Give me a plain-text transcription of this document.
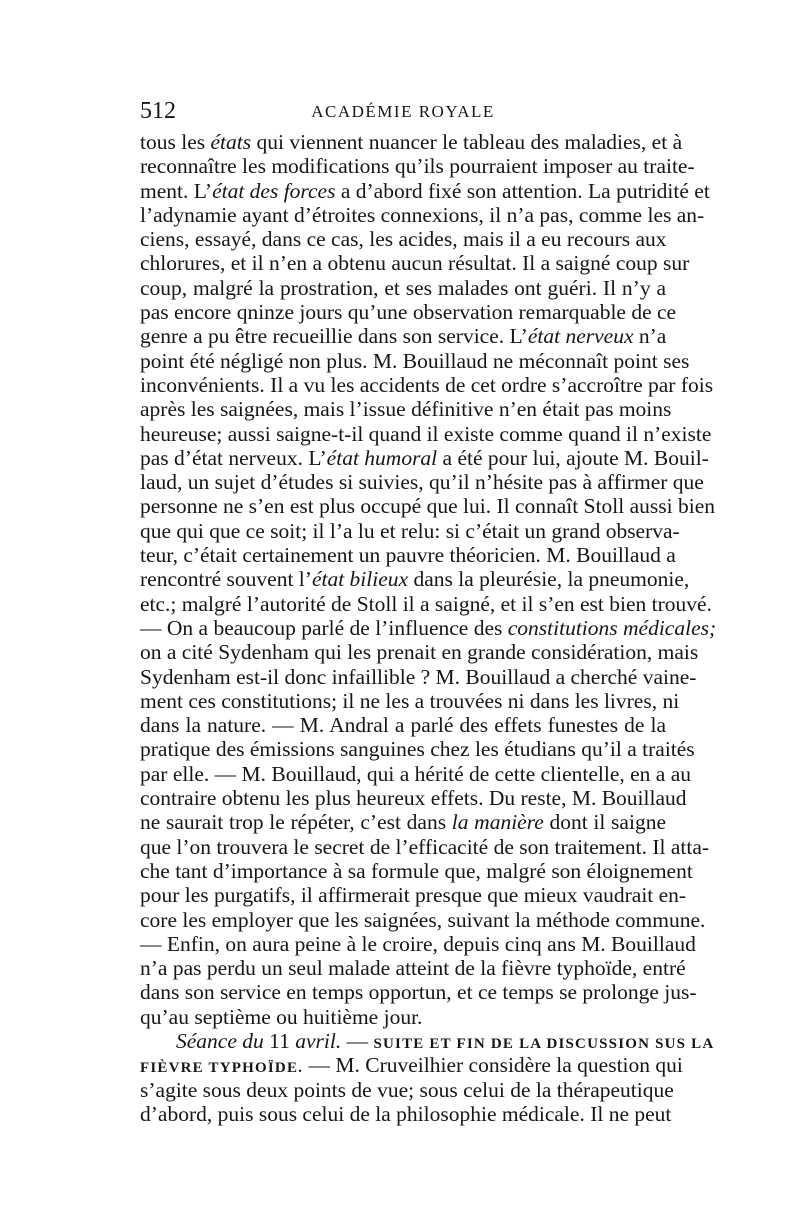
512	ACADÉMIE ROYALE
tous les états qui viennent nuancer le tableau des maladies, et à
reconnaître les modifications qu’ils pourraient imposer au traite-
ment. L’état des forces a d’abord fixé son attention. La putridité et
l’adynamie ayant d’étroites connexions, il n’a pas, comme les an-
ciens, essayé, dans ce cas, les acides, mais il a eu recours aux
chlorures, et il n’en a obtenu aucun résultat. Il a saigné coup sur
coup, malgré la prostration, et ses malades ont guéri. Il n’y a
pas encore qninze jours qu’une observation remarquable de ce
genre a pu être recueillie dans son service. L’état nerveux n’a
point été négligé non plus. M. Bouillaud ne méconnaît point ses
inconvénients. Il a vu les accidents de cet ordre s’accroître par fois
après les saignées, mais l’issue définitive n’en était pas moins
heureuse; aussi saigne-t-il quand il existe comme quand il n’existe
pas d’état nerveux. L’état humoral a été pour lui, ajoute M. Bouil-
laud, un sujet d’études si suivies, qu’il n’hésite pas à affirmer que
personne ne s’en est plus occupé que lui. Il connaît Stoll aussi bien
que qui que ce soit; il l’a lu et relu: si c’était un grand observa-
teur, c’était certainement un pauvre théoricien. M. Bouillaud a
rencontré souvent l’état bilieux dans la pleurésie, la pneumonie,
etc.; malgré l’autorité de Stoll il a saigné, et il s’en est bien trouvé.
— On a beaucoup parlé de l’influence des constitutions médicales;
on a cité Sydenham qui les prenait en grande considération, mais
Sydenham est-il donc infaillible ? M. Bouillaud a cherché vaine-
ment ces constitutions; il ne les a trouvées ni dans les livres, ni
dans la nature. — M. Andral a parlé des effets funestes de la
pratique des émissions sanguines chez les étudians qu’il a traités
par elle. — M. Bouillaud, qui a hérité de cette clientelle, en a au
contraire obtenu les plus heureux effets. Du reste, M. Bouillaud
ne saurait trop le répéter, c’est dans la manière dont il saigne
que l’on trouvera le secret de l’efficacité de son traitement. Il atta-
che tant d’importance à sa formule que, malgré son éloignement
pour les purgatifs, il affirmerait presque que mieux vaudrait en-
core les employer que les saignées, suivant la méthode commune.
— Enfin, on aura peine à le croire, depuis cinq ans M. Bouillaud
n’a pas perdu un seul malade atteint de la fièvre typhoïde, entré
dans son service en temps opportun, et ce temps se prolonge jus-
qu’au septième ou huitième jour.
Séance du 11 avril. — SUITE ET FIN DE LA DISCUSSION SUS LA
FIÈVRE TYPHOÏDE. — M. Cruveilhier considère la question qui
s’agite sous deux points de vue; sous celui de la thérapeutique
d’abord, puis sous celui de la philosophie médicale. Il ne peut
